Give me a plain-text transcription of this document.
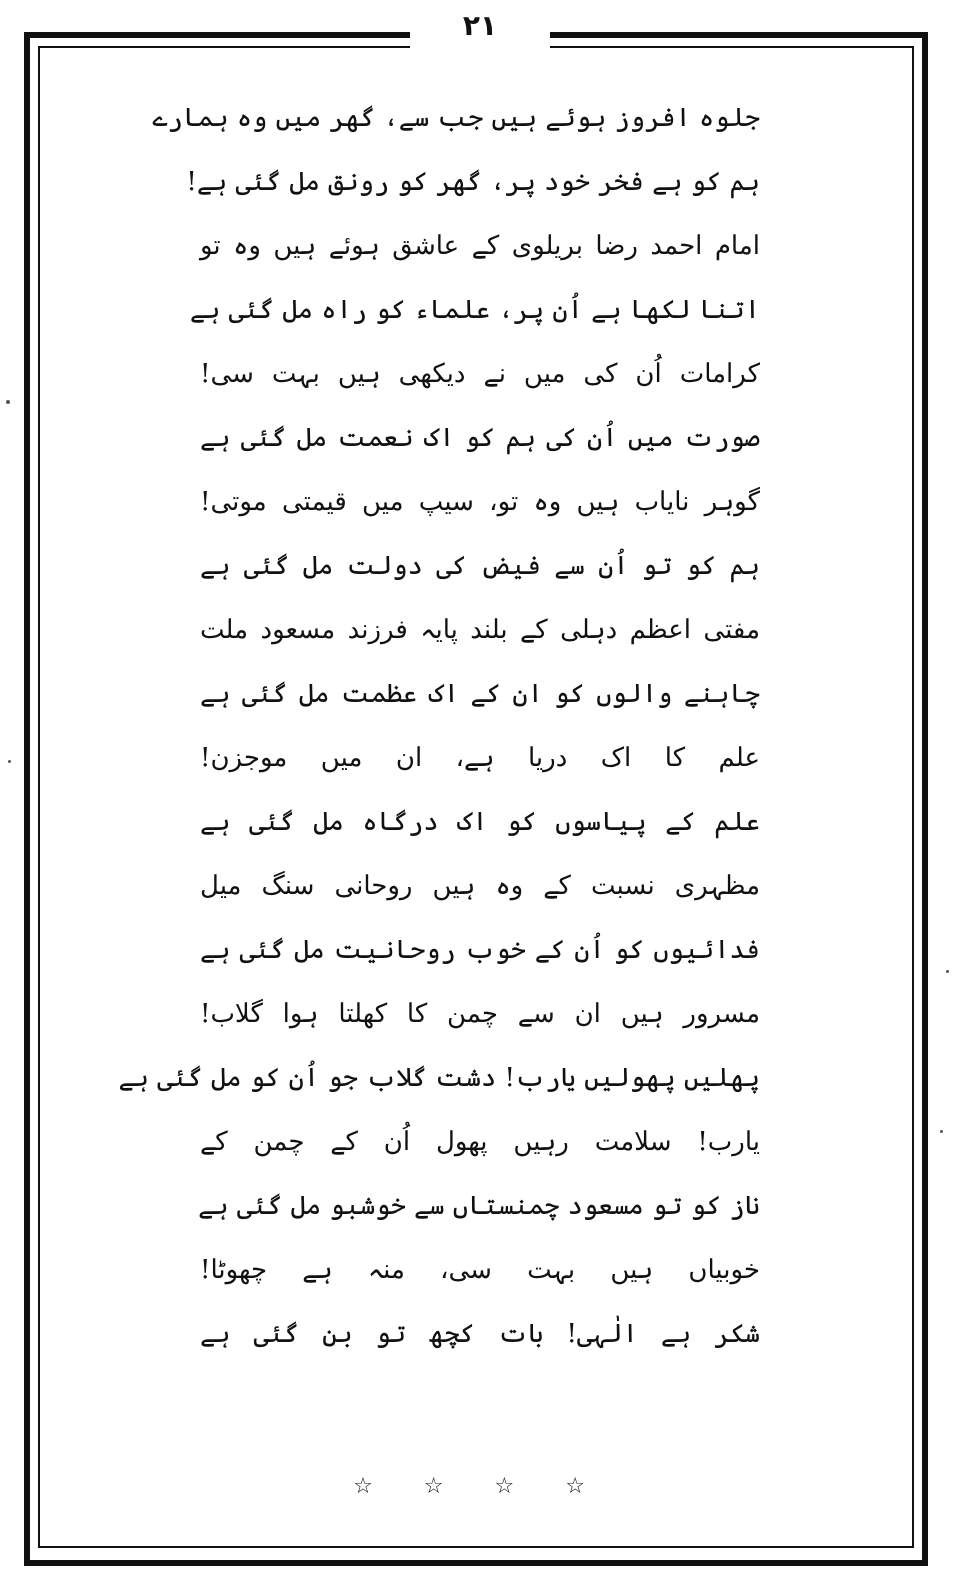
۲۱
جلوہ افروز ہوئے ہیں جب سے، گھر میں وہ ہمارے
ہم کو ہے فخر خود پر، گھر کو رونق مل گئی ہے!
امام احمد رضا بریلوی کے عاشق ہوئے ہیں وہ تو
اتنا لکھا ہے اُن پر، علماء کو راہ مل گئی ہے
کرامات اُن کی میں نے دیکھی ہیں بہت سی!
صورت میں اُن کی ہم کو اک نعمت مل گئی ہے
گوہر نایاب ہیں وہ تو، سیپ میں قیمتی موتی!
ہم کو تو اُن سے فیض کی دولت مل گئی ہے
مفتی اعظم دہلی کے بلند پایہ فرزند مسعود ملت
چاہنے والوں کو ان کے اک عظمت مل گئی ہے
علم کا اک دریا ہے، ان میں موجزن!
علم کے پیاسوں کو اک درگاہ مل گئی ہے
مظہری نسبت کے وہ ہیں روحانی سنگ میل
فدائیوں کو اُن کے خوب روحانیت مل گئی ہے
مسرور ہیں ان سے چمن کا کھلتا ہوا گلاب!
پھلیں پھولیں یارب! دشت گلاب جو اُن کو مل گئی ہے
یارب! سلامت رہیں پھول اُن کے چمن کے
ناز کو تو مسعود چمنستاں سے خوشبو مل گئی ہے
خوبیاں ہیں بہت سی، منہ ہے چھوٹا!
شکر ہے الٰہی! بات کچھ تو بن گئی ہے
☆ ☆ ☆ ☆
